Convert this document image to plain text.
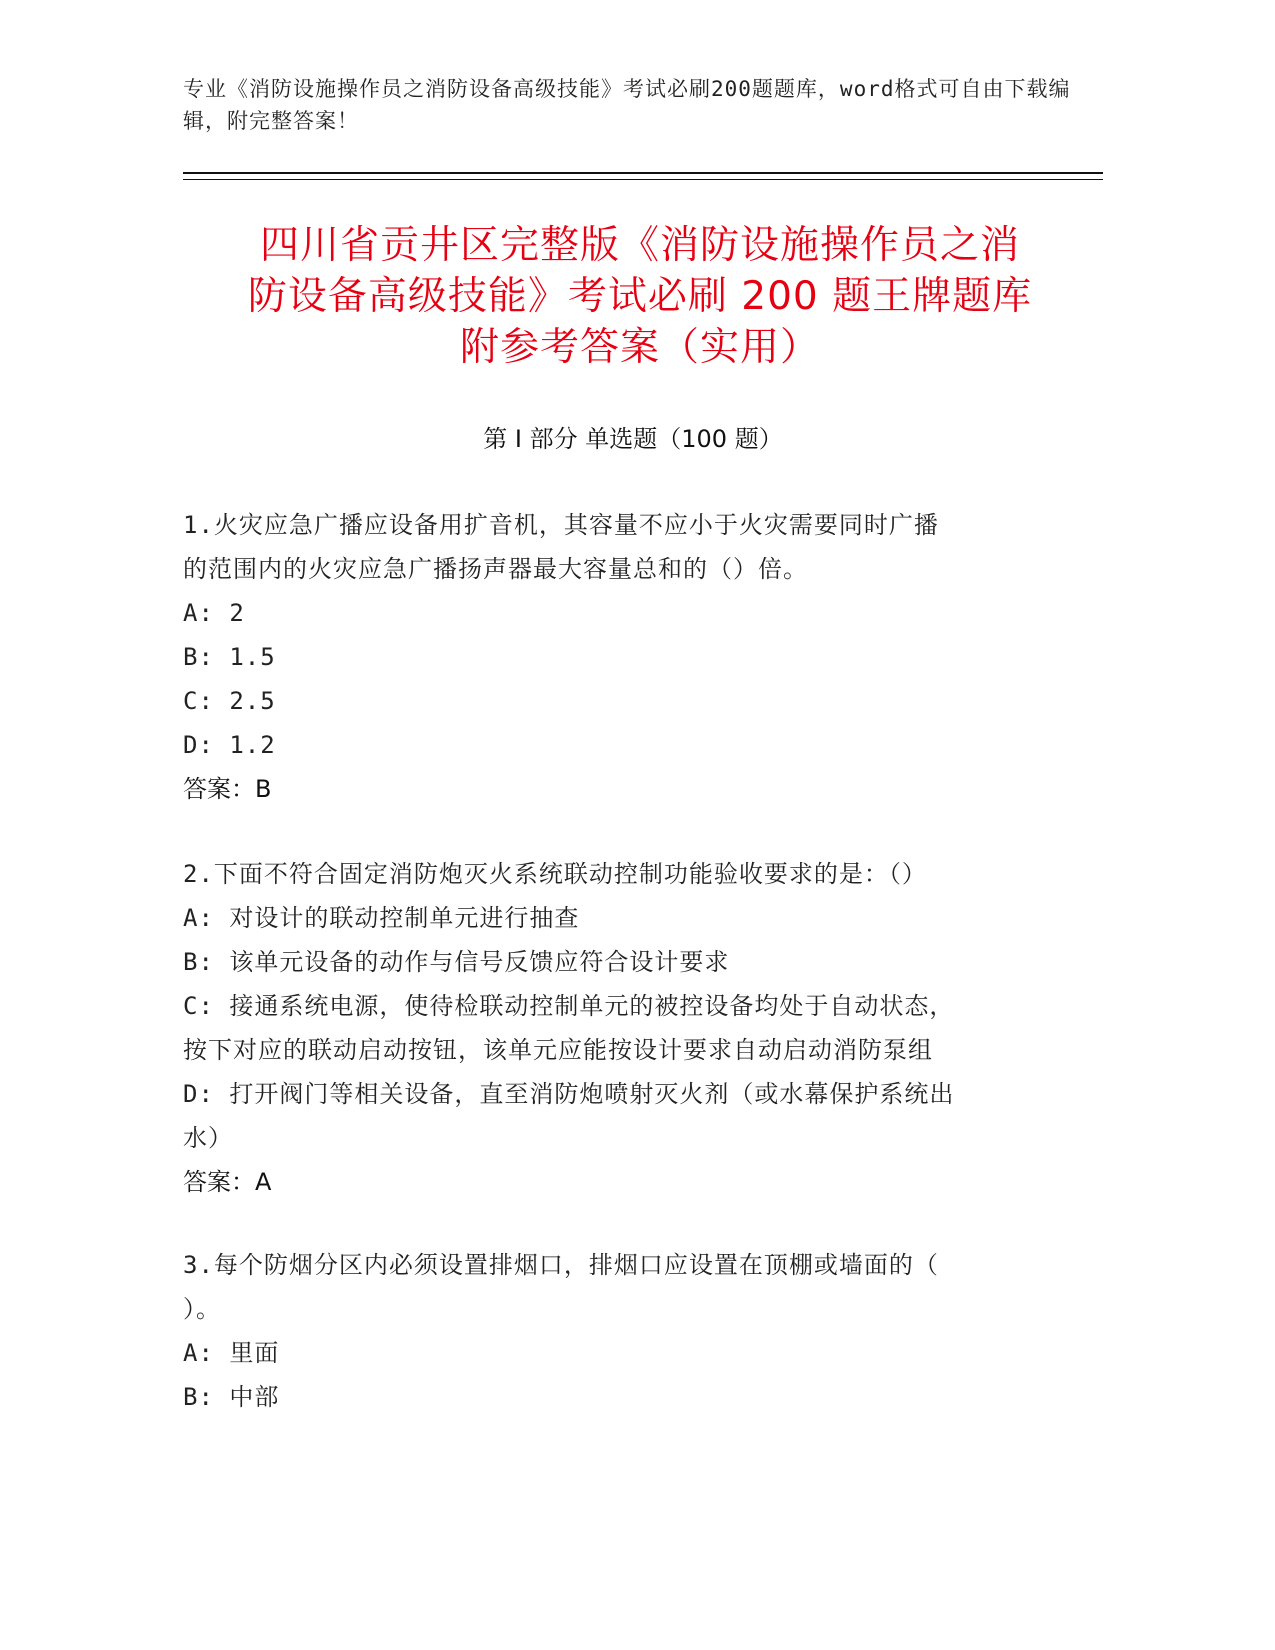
专业《消防设施操作员之消防设备高级技能》考试必刷200题题库，word格式可自由下载编辑，附完整答案！
四川省贡井区完整版《消防设施操作员之消
防设备高级技能》考试必刷 200 题王牌题库
附参考答案（实用）
第 I 部分 单选题（100 题）
1.火灾应急广播应设备用扩音机，其容量不应小于火灾需要同时广播
的范围内的火灾应急广播扬声器最大容量总和的（）倍。
A: 2
B: 1.5
C: 2.5
D: 1.2
答案：B
2.下面不符合固定消防炮灭火系统联动控制功能验收要求的是：（）
A: 对设计的联动控制单元进行抽查
B: 该单元设备的动作与信号反馈应符合设计要求
C: 接通系统电源，使待检联动控制单元的被控设备均处于自动状态，
按下对应的联动启动按钮，该单元应能按设计要求自动启动消防泵组
D: 打开阀门等相关设备，直至消防炮喷射灭火剂（或水幕保护系统出
水）
答案：A
3.每个防烟分区内必须设置排烟口，排烟口应设置在顶棚或墙面的（
）。
A: 里面
B: 中部
